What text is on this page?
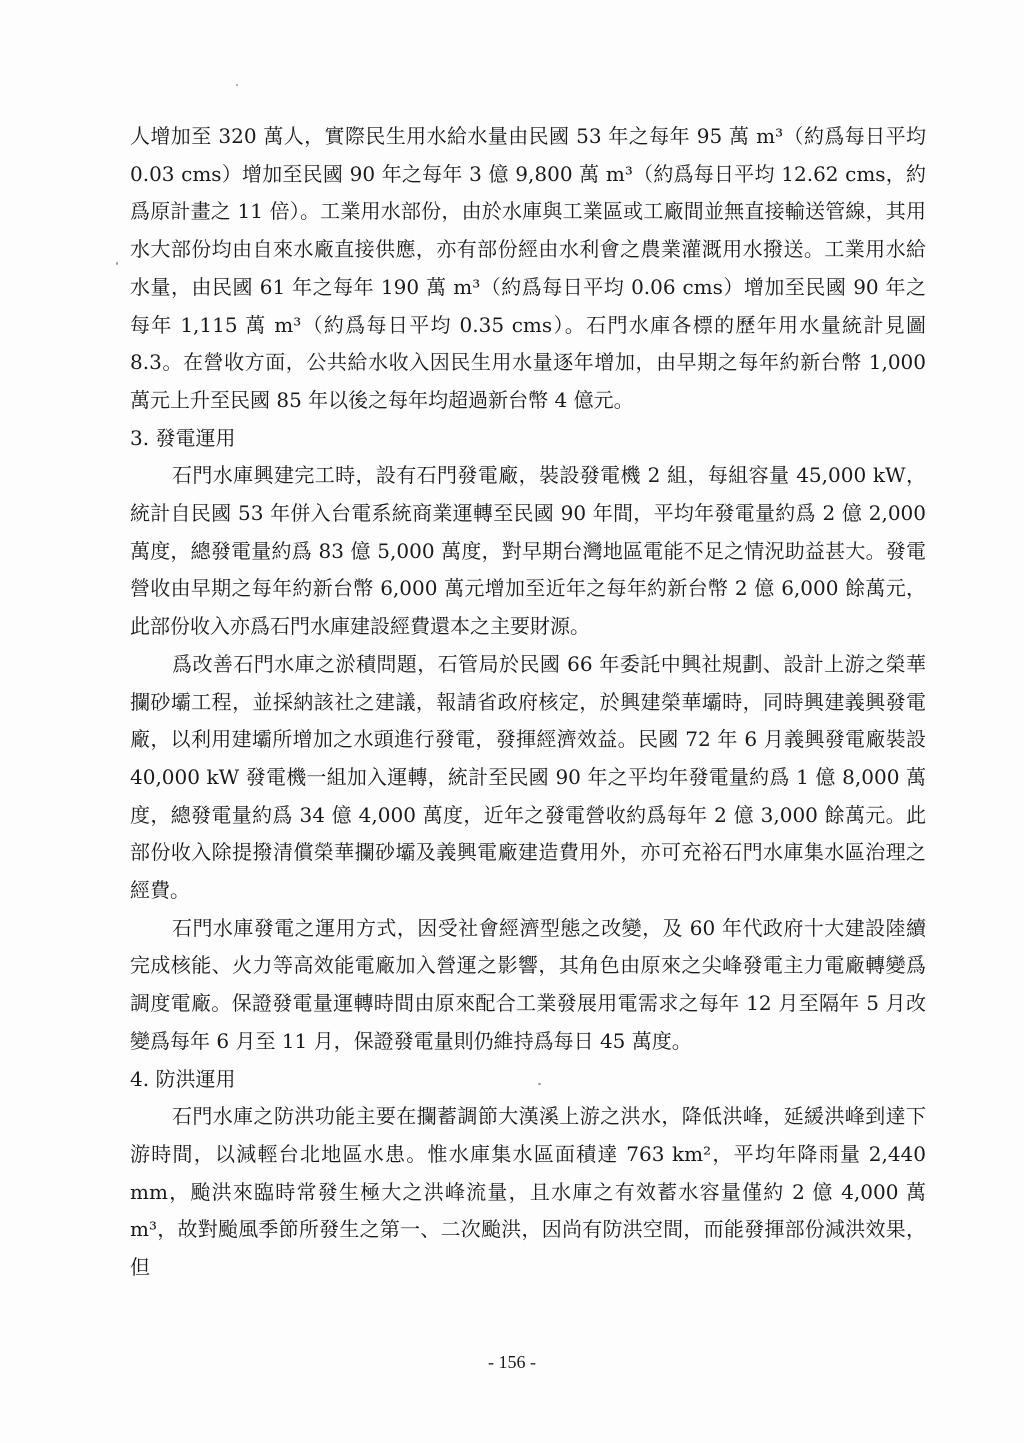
人增加至 320 萬人，實際民生用水給水量由民國 53 年之每年 95 萬 m³（約爲每日平均 0.03 cms）增加至民國 90 年之每年 3 億 9,800 萬 m³（約爲每日平均 12.62 cms，約爲原計畫之 11 倍）。工業用水部份，由於水庫與工業區或工廠間並無直接輸送管線，其用水大部份均由自來水廠直接供應，亦有部份經由水利會之農業灌溉用水撥送。工業用水給水量，由民國 61 年之每年 190 萬 m³（約爲每日平均 0.06 cms）增加至民國 90 年之每年 1,115 萬 m³（約爲每日平均 0.35 cms）。石門水庫各標的歷年用水量統計見圖 8.3。在營收方面，公共給水收入因民生用水量逐年增加，由早期之每年約新台幣 1,000 萬元上升至民國 85 年以後之每年均超過新台幣 4 億元。

3. 發電運用

石門水庫興建完工時，設有石門發電廠，裝設發電機 2 組，每組容量 45,000 kW，統計自民國 53 年併入台電系統商業運轉至民國 90 年間，平均年發電量約爲 2 億 2,000 萬度，總發電量約爲 83 億 5,000 萬度，對早期台灣地區電能不足之情況助益甚大。發電營收由早期之每年約新台幣 6,000 萬元增加至近年之每年約新台幣 2 億 6,000 餘萬元，此部份收入亦爲石門水庫建設經費還本之主要財源。

爲改善石門水庫之淤積問題，石管局於民國 66 年委託中興社規劃、設計上游之榮華攔砂壩工程，並採納該社之建議，報請省政府核定，於興建榮華壩時，同時興建義興發電廠，以利用建壩所增加之水頭進行發電，發揮經濟效益。民國 72 年 6 月義興發電廠裝設 40,000 kW 發電機一組加入運轉，統計至民國 90 年之平均年發電量約爲 1 億 8,000 萬度，總發電量約爲 34 億 4,000 萬度，近年之發電營收約爲每年 2 億 3,000 餘萬元。此部份收入除提撥清償榮華攔砂壩及義興電廠建造費用外，亦可充裕石門水庫集水區治理之經費。

石門水庫發電之運用方式，因受社會經濟型態之改變，及 60 年代政府十大建設陸續完成核能、火力等高效能電廠加入營運之影響，其角色由原來之尖峰發電主力電廠轉變爲調度電廠。保證發電量運轉時間由原來配合工業發展用電需求之每年 12 月至隔年 5 月改變爲每年 6 月至 11 月，保證發電量則仍維持爲每日 45 萬度。

4. 防洪運用

石門水庫之防洪功能主要在攔蓄調節大漢溪上游之洪水，降低洪峰，延緩洪峰到達下游時間，以減輕台北地區水患。惟水庫集水區面積達 763 km²，平均年降雨量 2,440 mm，颱洪來臨時常發生極大之洪峰流量，且水庫之有效蓄水容量僅約 2 億 4,000 萬 m³，故對颱風季節所發生之第一、二次颱洪，因尚有防洪空間，而能發揮部份減洪效果，但

- 156 -
